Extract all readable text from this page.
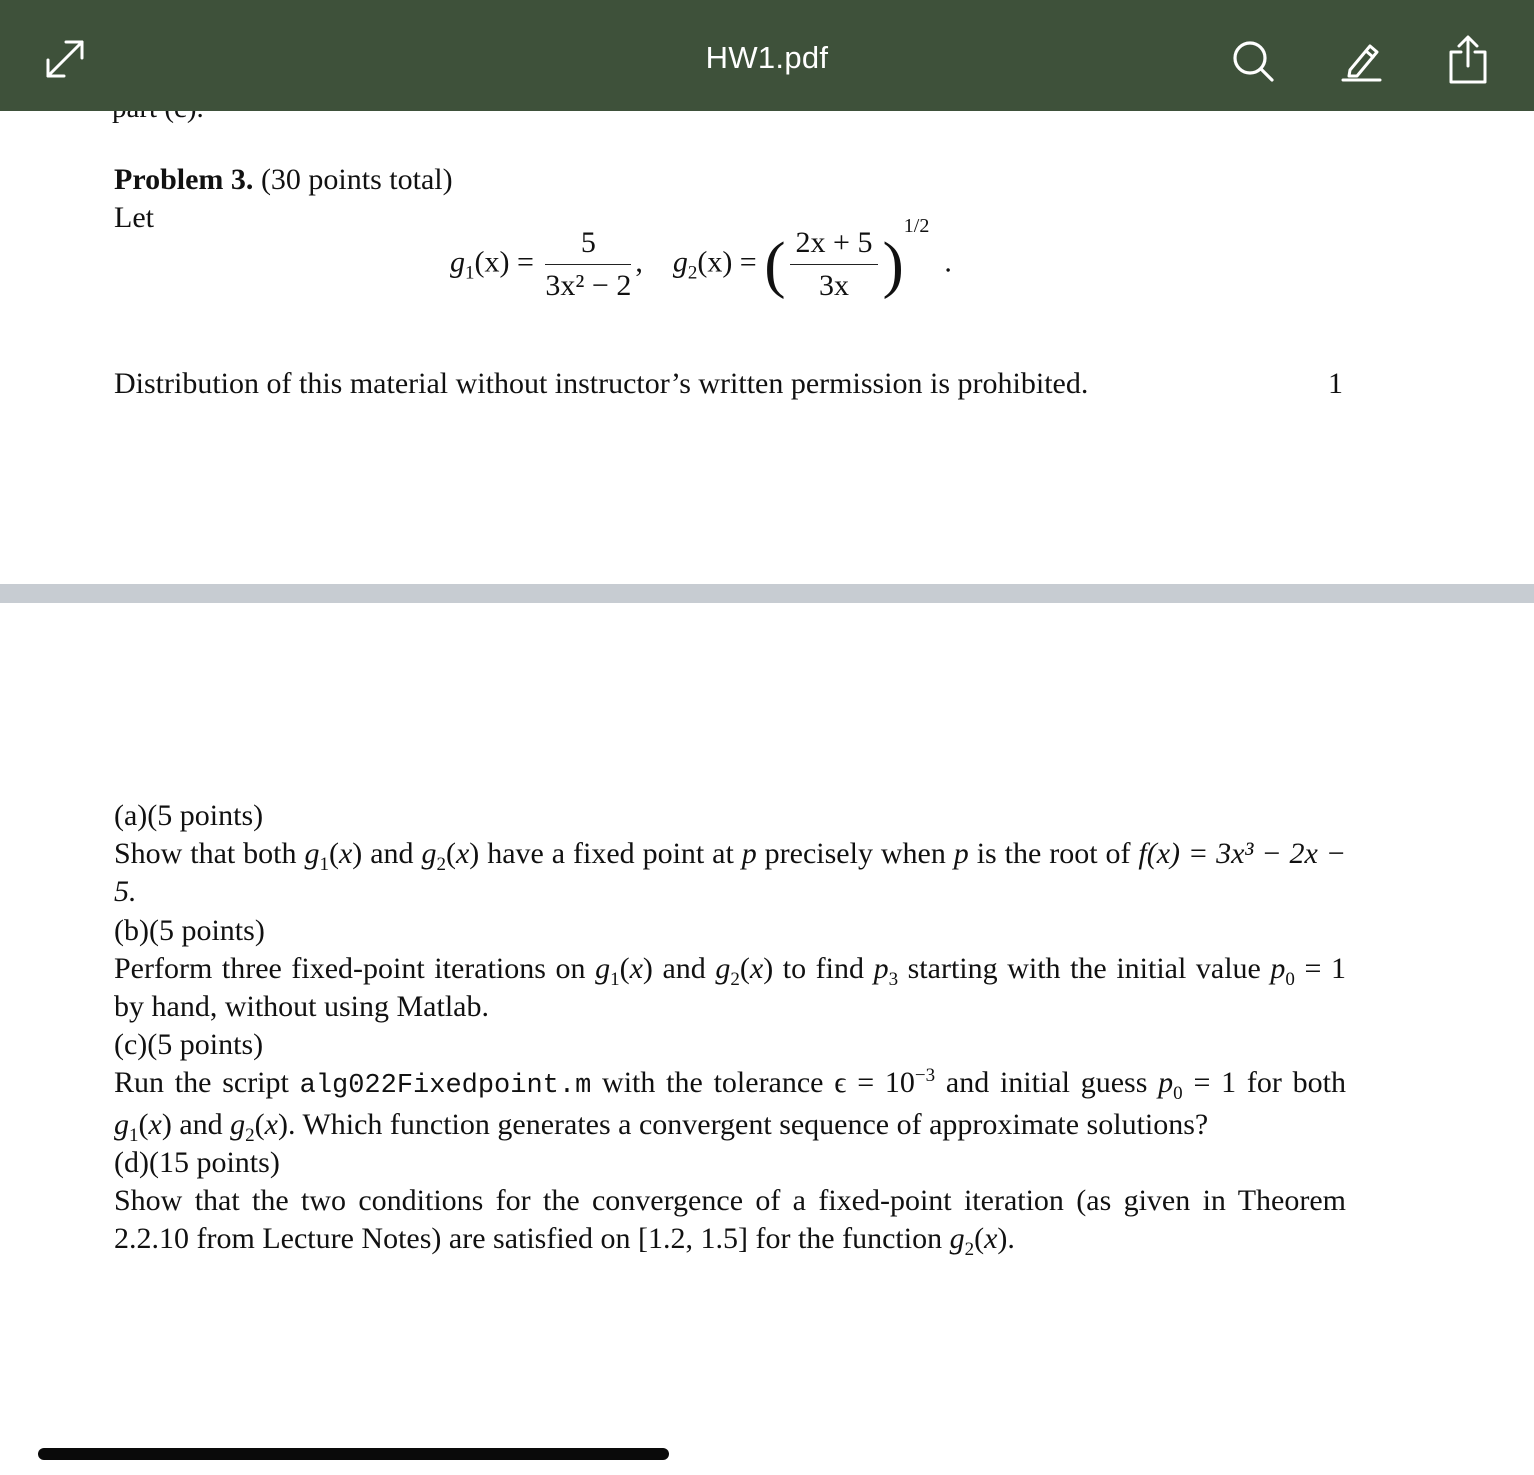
HW1.pdf
Problem 3. (30 points total)
Let
$g_1(x) = \frac{5}{\text{3x² − 2}}$ ,    $g_2(x)$ = ( $\frac{2x + 5}{3x} )^{1/2}$  .
Distribution of this material without instructor’s written permission is prohibited.	1
(a)(5 points)
Show that both $g_1(x)$ and $g_2(x)$ have a fixed point at p precisely when p is the root of f(x) = 3x³ − 2x − 5.
(b)(5 points)
Perform three fixed-point iterations on $g_1(x)$ and $g_2(x)$ to find $p_3$ starting with the initial value $p_0 = 1$ by hand, without using Matlab.
(c)(5 points)
Run the script alg022Fixedpoint.m with the tolerance $\epsilon = 10^{-3}$ and initial guess $p_0 = 1$ for both $g_1(x)$ and $g_2(x)$. Which function generates a convergent sequence of approximate solutions?
(d)(15 points)
Show that the two conditions for the convergence of a fixed-point iteration (as given in Theorem 2.2.10 from Lecture Notes) are satisfied on [1.2, 1.5] for the function $g_2(x)$.
